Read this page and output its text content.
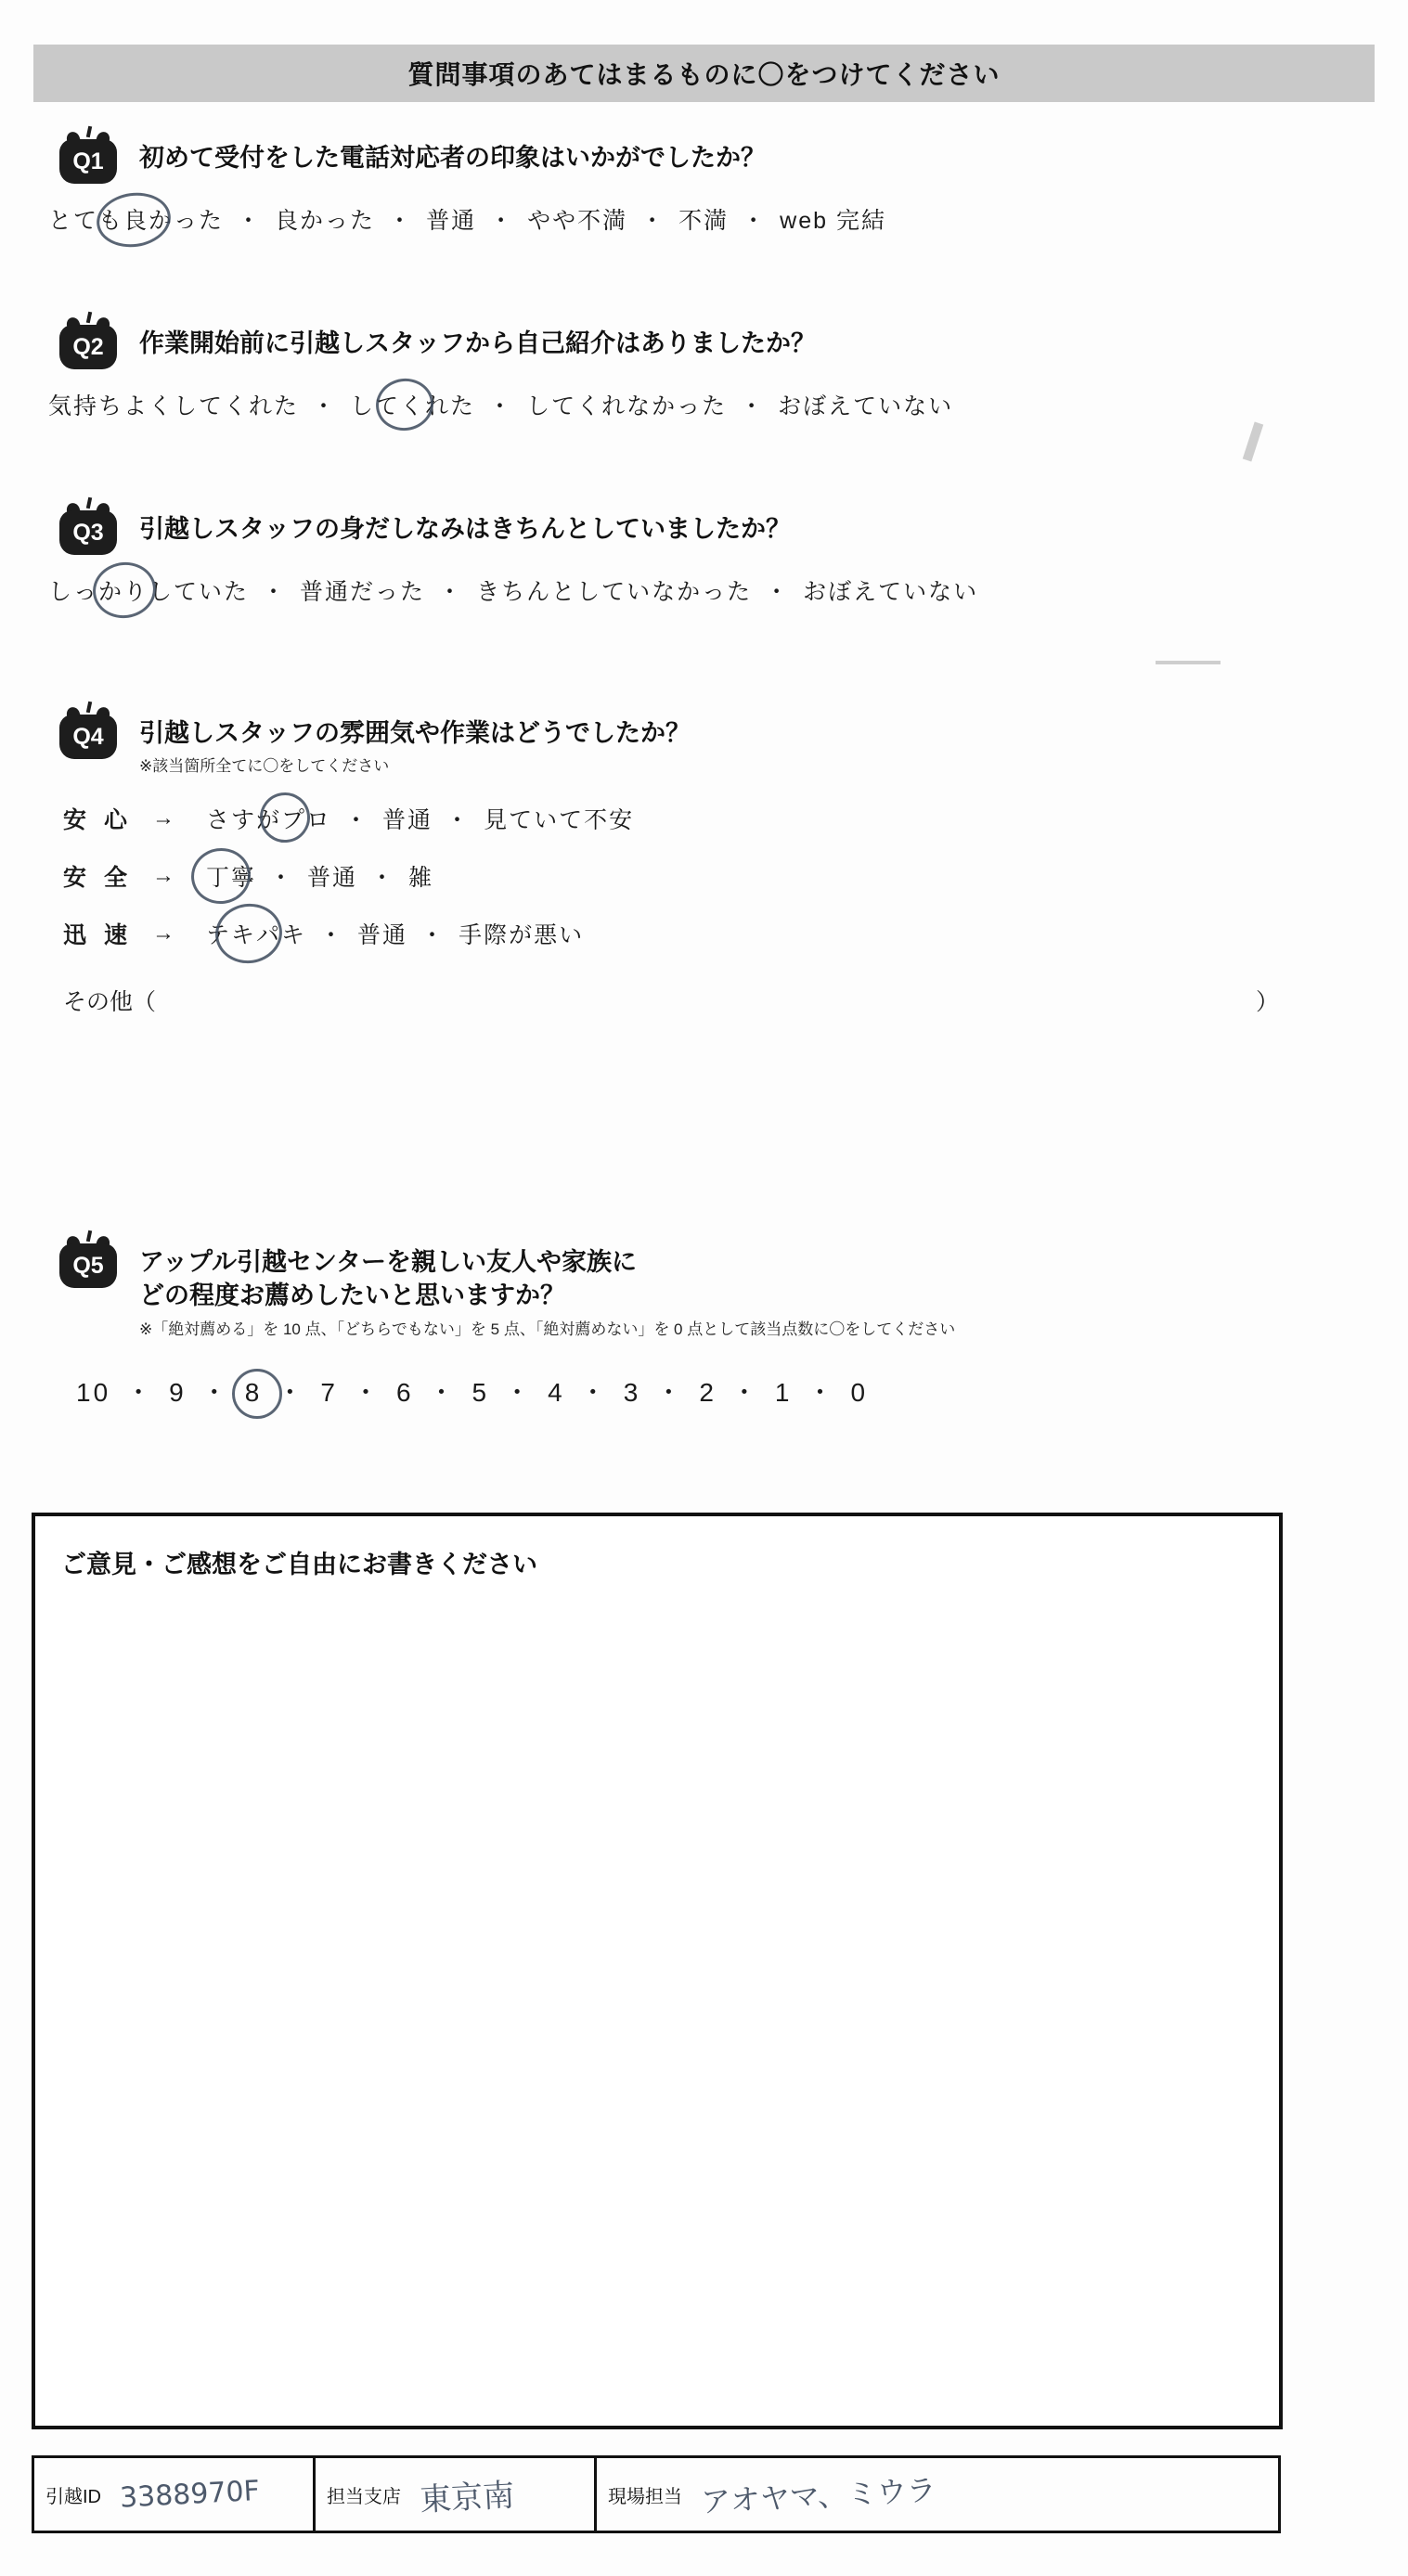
質問事項のあてはまるものに〇をつけてください
Q1	初めて受付をした電話対応者の印象はいかがでしたか？
とても良かった ・ 良かった ・ 普通 ・ やや不満 ・ 不満 ・ web 完結
Q2	作業開始前に引越しスタッフから自己紹介はありましたか？
気持ちよくしてくれた ・ してくれた ・ してくれなかった ・ おぼえていない
Q3	引越しスタッフの身だしなみはきちんとしていましたか？
しっかりしていた ・ 普通だった ・ きちんとしていなかった ・ おぼえていない
Q4	引越しスタッフの雰囲気や作業はどうでしたか？
※該当箇所全てに〇をしてください
安 心 → さすがプロ ・ 普通 ・ 見ていて不安
安 全 → 丁寧 ・ 普通 ・ 雑
迅 速 → テキパキ ・ 普通 ・ 手際が悪い
その他（	）
Q5	アップル引越センターを親しい友人や家族に
どの程度お薦めしたいと思いますか？
※「絶対薦める」を 10 点、「どちらでもない」を 5 点、「絶対薦めない」を 0 点として該当点数に〇をしてください
10 ・ 9 ・ 8 ・ 7 ・ 6 ・ 5 ・ 4 ・ 3 ・ 2 ・ 1 ・ 0
ご意見・ご感想をご自由にお書きください
引越ID 3388970F	担当支店 東京南	現場担当 アオヤマ、ミウラ
